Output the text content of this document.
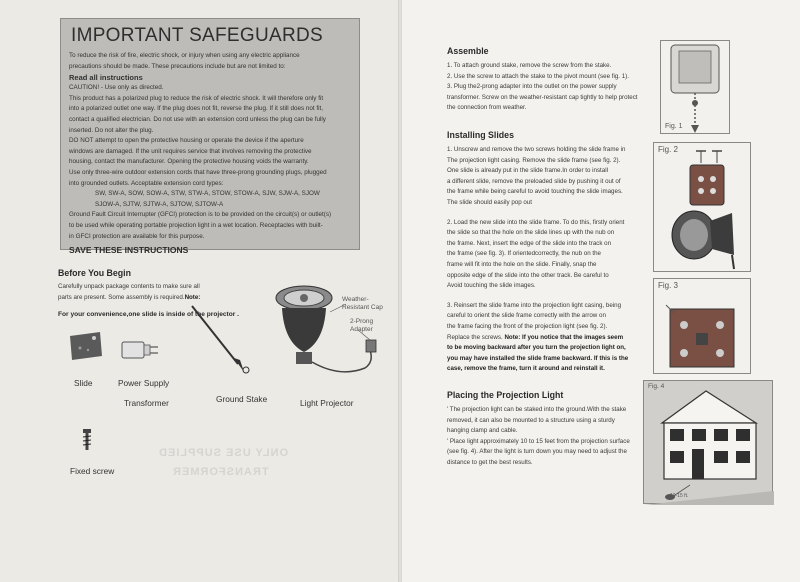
IMPORTANT SAFEGUARDS

To reduce the risk of fire, electric shock, or injury when using any electric appliance

precautions should be made. These precautions include but are not limited to:

Read all instructions

CAUTION! - Use only as directed.

This product has a polarized plug to reduce the risk of electric shock. It will therefore only fit

into a polarized outlet one way. If the plug does not fit, reverse the plug. If it still does not fit,

contact a qualified electrician. Do not use with an extension cord unless the plug can be fully

inserted. Do not alter the plug.

DO NOT attempt to open the protective housing or operate the device if the aperture

windows are damaged. If the unit requires service that involves removing the protective

housing, contact the manufacturer. Opening the protective housing voids the warranty.

Use only three-wire outdoor extension cords that have three-prong grounding plugs, plugged

into grounded outlets. Acceptable extension cord types:

SW, SW-A, SOW, SOW-A, STW, STW-A, STOW, STOW-A, SJW, SJW-A, SJOW

SJOW-A, SJTW, SJTW-A, SJTOW, SJTOW-A

Ground Fault Circuit Interrupter (GFCI) protection is to be provided on the circuit(s) or outlet(s)

to be used while operating portable projection light in a wet location. Receptacles with built-

in GFCI protection are available for this purpose.

SAVE THESE INSTRUCTIONS

Before You Begin

Carefully unpack package contents to make sure all

parts are present. Some assembly is required.Note:

For your convenience,one slide is inside of the projector .

Weather-
Resistant Cap
2-Prong
Adapter
Slide	Power Supply
Transformer	Ground Stake	Light Projector
Fixed screw
ONLY USE SUPPLIED
TRANSFORMER
Assemble

1. To attach ground stake, remove the screw from the stake.

2. Use the screw to attach the stake to the pivot mount (see fig. 1).

3. Plug the2-prong adapter into the outlet on the power supply

transformer. Screw on the weather-resistant cap tightly to help protect

the connection from weather.

Installing Slides

1. Unscrew and remove the two screws holding the slide frame in

The projection light casing. Remove the slide frame (see fig. 2).

One slide is already put in the slide frame.In order to install

a different slide, remove the preloaded slide by pushing it out of

the frame while being careful to avoid touching the slide images.

The slide should easily pop out

2. Load the new slide into the slide frame. To do this, firstly orient

the slide so that the hole on the slide lines up with the nub on

the frame. Next, insert the edge of the slide into the track on

the frame (see fig. 3). If orientedcorrectly, the nub on the

frame will fit into the hole on the slide. Finally, snap the

opposite edge of the slide into the other track. Be careful to

Avoid touching the slide images.

3. Reinsert the slide frame into the projection light casing, being

careful to orient the slide frame correctly with the arrow on

the frame facing the front of the projection light (see fig. 2).

Replace the screws. Note: If you notice that the images seem

to be moving backward after you turn the projection light on,

you may have installed the slide frame backward. If this is the

case, remove the frame, turn it around and reinstall it.

Placing the Projection Light

' The projection light can be staked into the ground.With the stake

removed, it can also be mounted to a structure using a sturdy

hanging clamp and cable.

' Place light approximately 10 to 15 feet from the projection surface

(see fig. 4). After the light is turn down you may need to adjust the

distance to get the best results.

Fig. 1
Fig. 2
Fig. 3
Fig. 4
10-15 ft.
